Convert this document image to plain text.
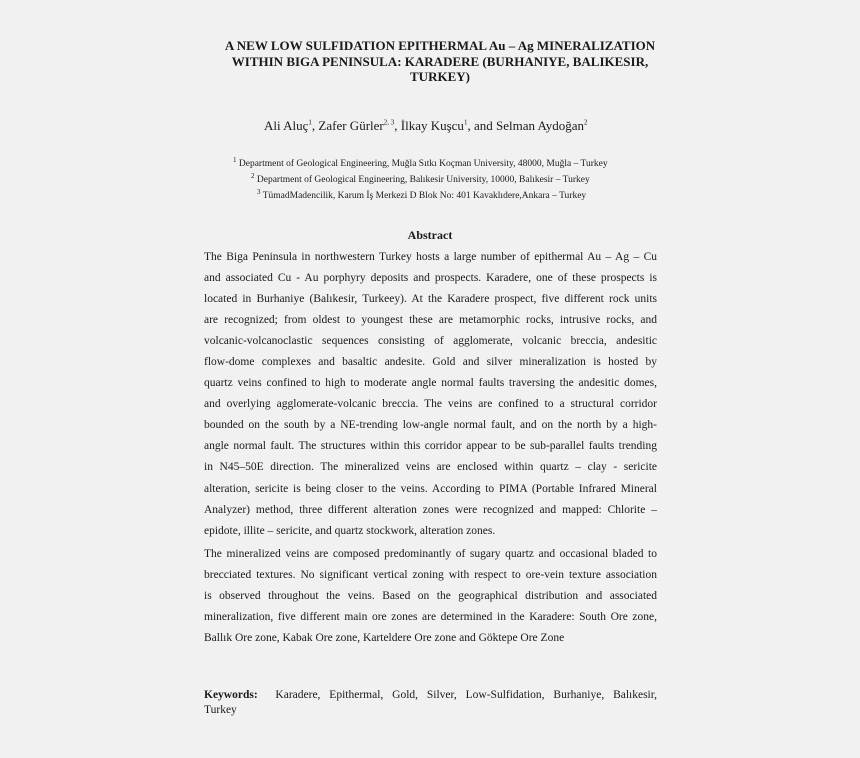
A NEW LOW SULFIDATION EPITHERMAL Au – Ag MINERALIZATION
WITHIN BIGA PENINSULA: KARADERE (BURHANIYE, BALIKESIR,
TURKEY)
Ali Aluç$^1$, Zafer Gürler$^{2, 3}$, İlkay Kuşcu$^1$, and Selman Aydoğan$^2$
$^1$ Department of Geological Engineering, Muğla Sıtkı Koçman University, 48000, Muğla – Turkey
$^2$ Department of Geological Engineering, Balıkesir University, 10000, Balıkesir – Turkey
$^3$ TümadMadencilik, Karum İş Merkezi D Blok No: 401 Kavaklıdere,Ankara – Turkey
Abstract
The Biga Peninsula in northwestern Turkey hosts a large number of epithermal Au – Ag – Cu
and associated Cu - Au porphyry deposits and prospects. Karadere, one of these prospects is
located in Burhaniye (Balıkesir, Turkeey). At the Karadere prospect, five different rock units
are recognized; from oldest to youngest these are metamorphic rocks, intrusive rocks, and
volcanic-volcanoclastic sequences consisting of agglomerate, volcanic breccia, andesitic
flow-dome complexes and basaltic andesite. Gold and silver mineralization is hosted by
quartz veins confined to high to moderate angle normal faults traversing the andesitic domes,
and overlying agglomerate-volcanic breccia. The veins are confined to a structural corridor
bounded on the south by a NE-trending low-angle normal fault, and on the north by a high-
angle normal fault. The structures within this corridor appear to be sub-parallel faults trending
in N45–50E direction. The mineralized veins are enclosed within quartz – clay - sericite
alteration, sericite is being closer to the veins. According to PIMA (Portable Infrared Mineral
Analyzer) method, three different alteration zones were recognized and mapped: Chlorite –
epidote, illite – sericite, and quartz stockwork, alteration zones.
The mineralized veins are composed predominantly of sugary quartz and occasional bladed to
brecciated textures. No significant vertical zoning with respect to ore-vein texture association
is observed throughout the veins. Based on the geographical distribution and associated
mineralization, five different main ore zones are determined in the Karadere: South Ore zone,
Ballık Ore zone, Kabak Ore zone, Karteldere Ore zone and Göktepe Ore Zone
Keywords: Karadere, Epithermal, Gold, Silver, Low-Sulfidation, Burhaniye, Balıkesir,
Turkey
